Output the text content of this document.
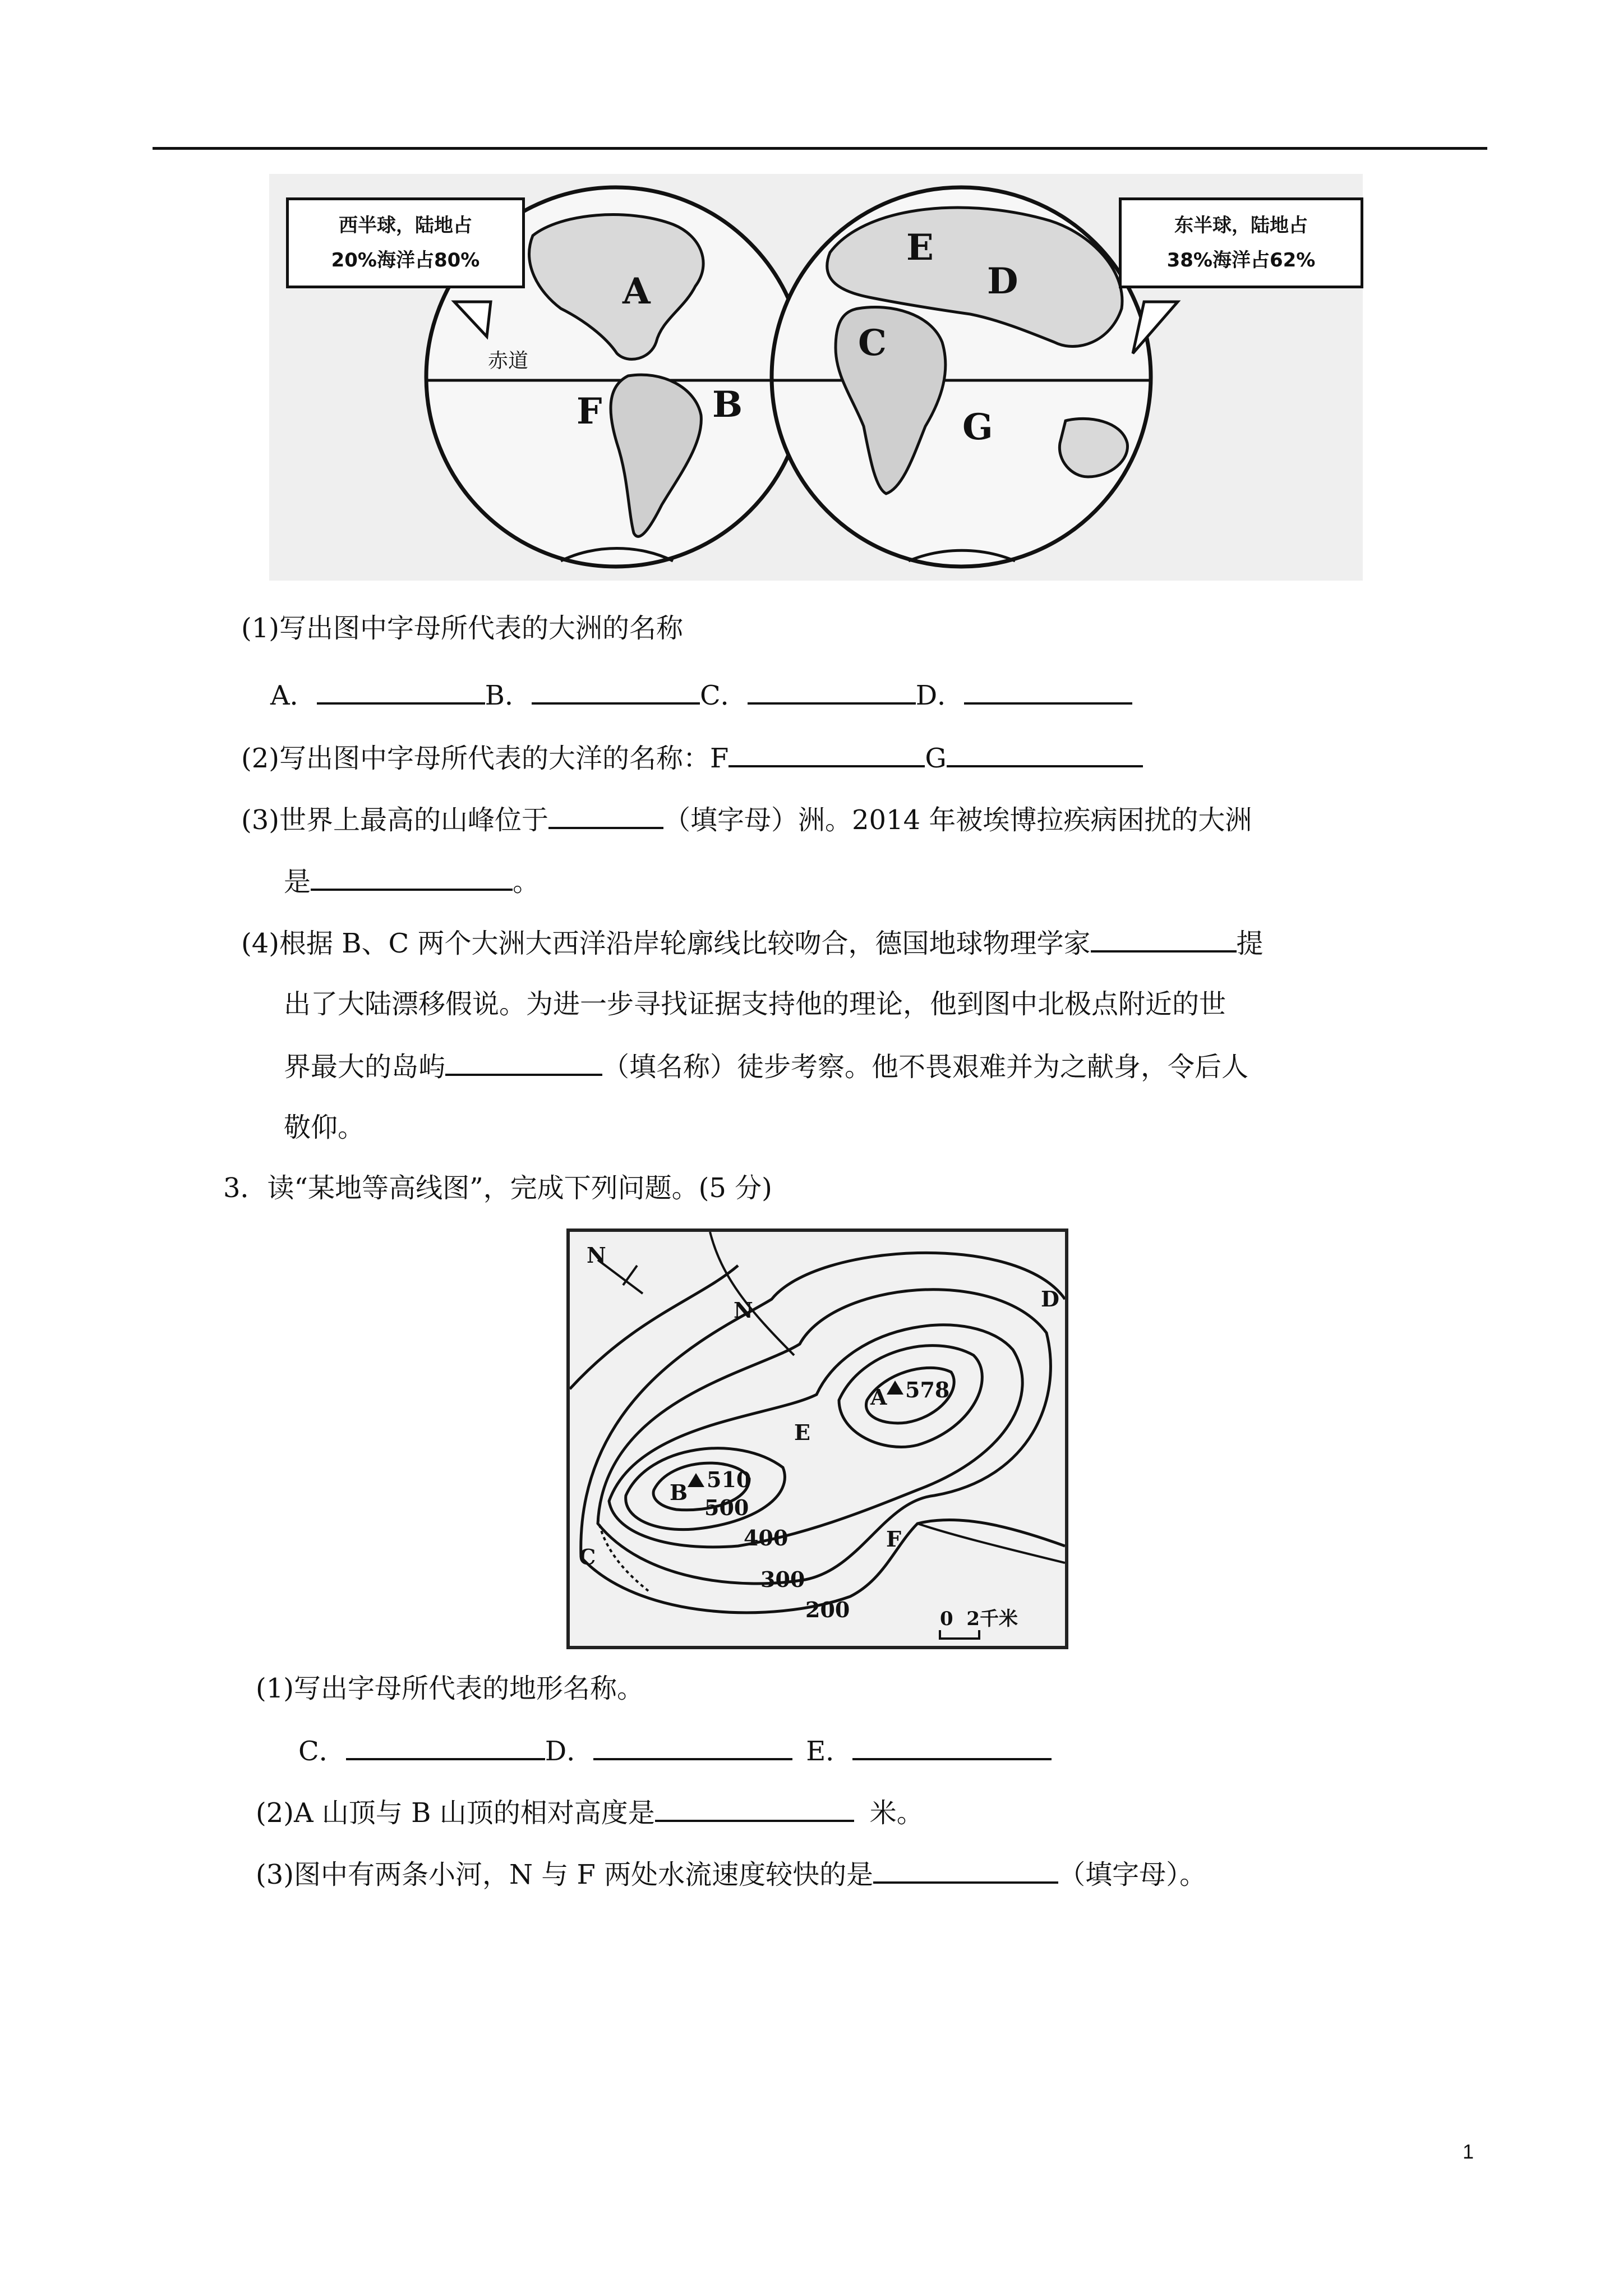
西半球，陆地占
20%海洋占80%
东半球，陆地占
38%海洋占62%
赤道
A
B
C
D
E
F	G
(1)写出图中字母所代表的大洲的名称
A．	B．	C．	D．
(2)写出图中字母所代表的大洋的名称：F	G
(3)世界上最高的山峰位于	（填字母）洲。2014 年被埃博拉疾病困扰的大洲
是	。
(4)根据 B、C 两个大洲大西洋沿岸轮廓线比较吻合，德国地球物理学家	提
出了大陆漂移假说。为进一步寻找证据支持他的理论，他到图中北极点附近的世
界最大的岛屿	（填名称）徒步考察。他不畏艰难并为之献身，令后人
敬仰。
3．读“某地等高线图”，完成下列问题。(5 分)
N
N	D
A 578
E
B
510
500
400
300
200
C
F
0  2千米
(1)写出字母所代表的地形名称。
C．	D．	E．
(2)A 山顶与 B 山顶的相对高度是	米。
(3)图中有两条小河，N 与 F 两处水流速度较快的是	（填字母）。
1
